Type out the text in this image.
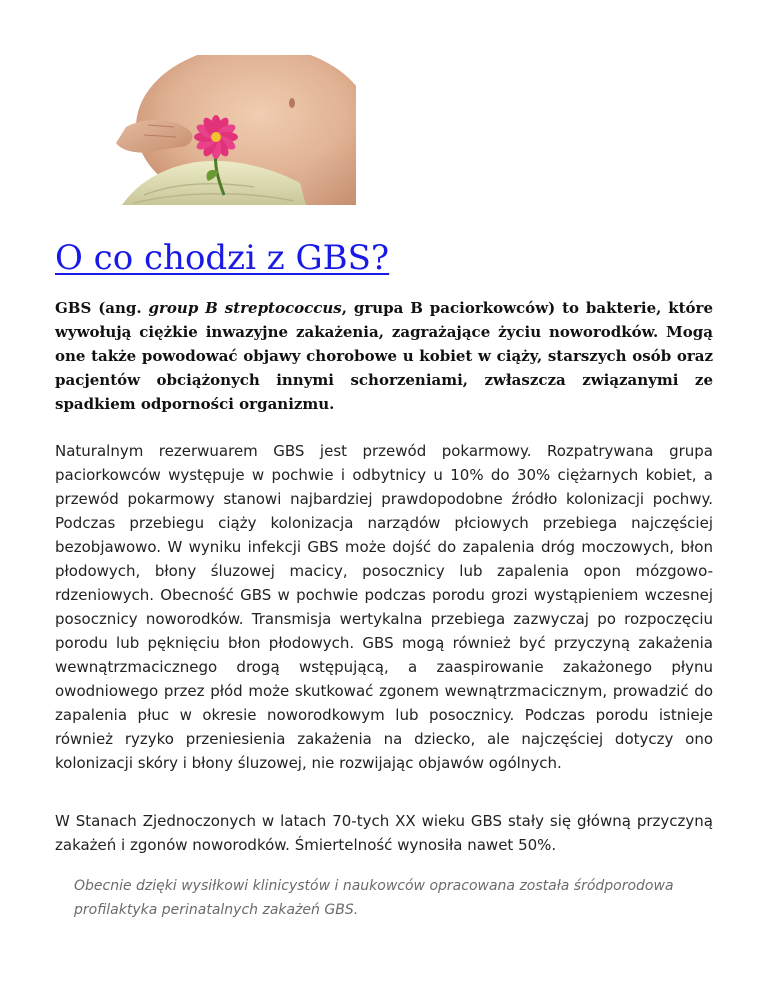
O co chodzi z GBS?

GBS (ang. group B streptococcus, grupa B paciorkowców) to bakterie, które wywołują ciężkie inwazyjne zakażenia, zagrażające życiu noworodków. Mogą one także powodować objawy chorobowe u kobiet w ciąży, starszych osób oraz pacjentów obciążonych innymi schorzeniami, zwłaszcza związanymi ze spadkiem odporności organizmu.

Naturalnym rezerwuarem GBS jest przewód pokarmowy. Rozpatrywana grupa paciorkowców występuje w pochwie i odbytnicy u 10% do 30% ciężarnych kobiet, a przewód pokarmowy stanowi najbardziej prawdopodobne źródło kolonizacji pochwy. Podczas przebiegu ciąży kolonizacja narządów płciowych przebiega najczęściej bezobjawowo. W wyniku infekcji GBS może dojść do zapalenia dróg moczowych, błon płodowych, błony śluzowej macicy, posocznicy lub zapalenia opon mózgowo-rdzeniowych. Obecność GBS w pochwie podczas porodu grozi wystąpieniem wczesnej posocznicy noworodków. Transmisja wertykalna przebiega zazwyczaj po rozpoczęciu porodu lub pęknięciu błon płodowych. GBS mogą również być przyczyną zakażenia wewnątrzmacicznego drogą wstępującą, a zaaspirowanie zakażonego płynu owodniowego przez płód może skutkować zgonem wewnątrzmacicznym, prowadzić do zapalenia płuc w okresie noworodkowym lub posocznicy. Podczas porodu istnieje również ryzyko przeniesienia zakażenia na dziecko, ale najczęściej dotyczy ono kolonizacji skóry i błony śluzowej, nie rozwijając objawów ogólnych.

W Stanach Zjednoczonych w latach 70-tych XX wieku GBS stały się główną przyczyną zakażeń i zgonów noworodków. Śmiertelność wynosiła nawet 50%.

Obecnie dzięki wysiłkowi klinicystów i naukowców opracowana została śródporodowa profilaktyka perinatalnych zakażeń GBS.
